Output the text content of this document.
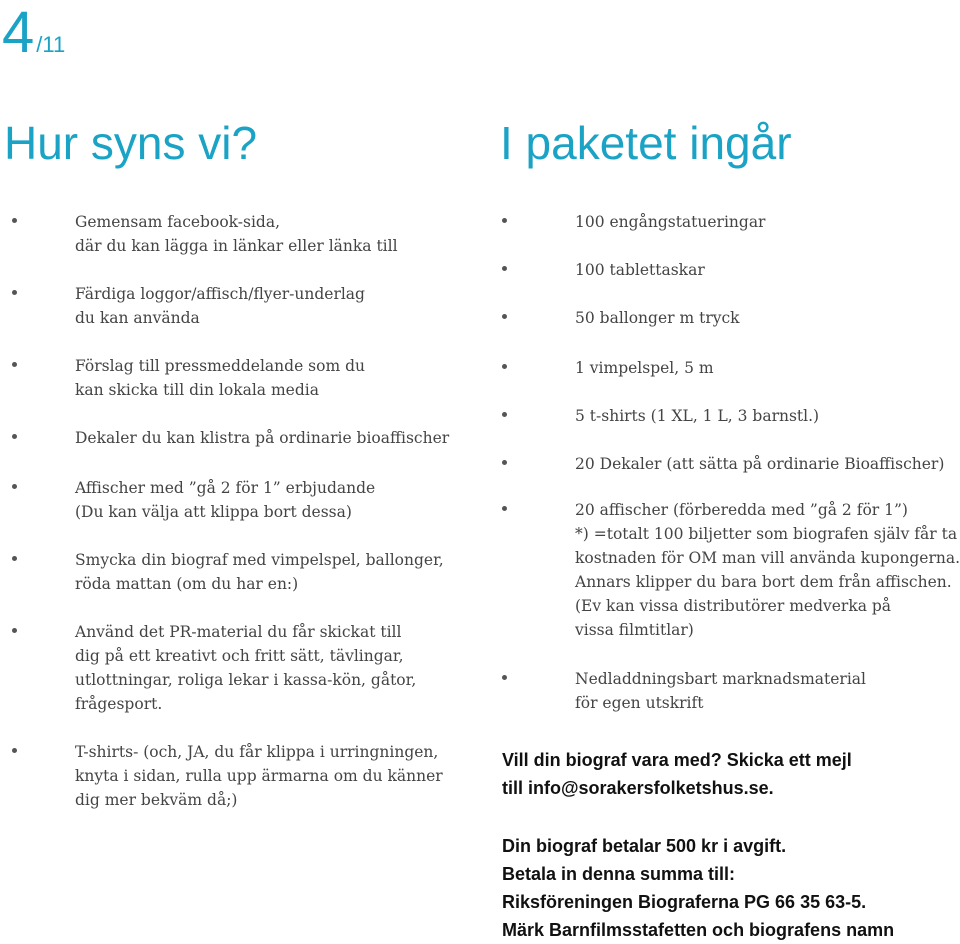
4/11
Hur syns vi?	I paketet ingår
Gemensam facebook-sida,
där du kan lägga in länkar eller länka till
Färdiga loggor/affisch/flyer-underlag
du kan använda
Förslag till pressmeddelande som du
kan skicka till din lokala media
Dekaler du kan klistra på ordinarie bioaffischer
Affischer med ”gå 2 för 1” erbjudande
(Du kan välja att klippa bort dessa)
Smycka din biograf med vimpelspel, ballonger,
röda mattan (om du har en:)
Använd det PR-material du får skickat till
dig på ett kreativt och fritt sätt, tävlingar,
utlottningar, roliga lekar i kassa-kön, gåtor,
frågesport.
T-shirts- (och, JA, du får klippa i urringningen,
knyta i sidan, rulla upp ärmarna om du känner
dig mer bekväm då;)
100 engångstatueringar
100 tablettaskar
50 ballonger m tryck
1 vimpelspel, 5 m
5 t-shirts (1 XL, 1 L, 3 barnstl.)
20 Dekaler (att sätta på ordinarie Bioaffischer)
20 affischer (förberedda med ”gå 2 för 1”)
*) =totalt 100 biljetter som biografen själv får ta
kostnaden för OM man vill använda kupongerna.
Annars klipper du bara bort dem från affischen.
(Ev kan vissa distributörer medverka på
vissa filmtitlar)
Nedladdningsbart marknadsmaterial
för egen utskrift
Vill din biograf vara med? Skicka ett mejl
till info@sorakersfolketshus.se.
Din biograf betalar 500 kr i avgift.
Betala in denna summa till:
Riksföreningen Biograferna PG 66 35 63-5.
Märk Barnfilmsstafetten och biografens namn
